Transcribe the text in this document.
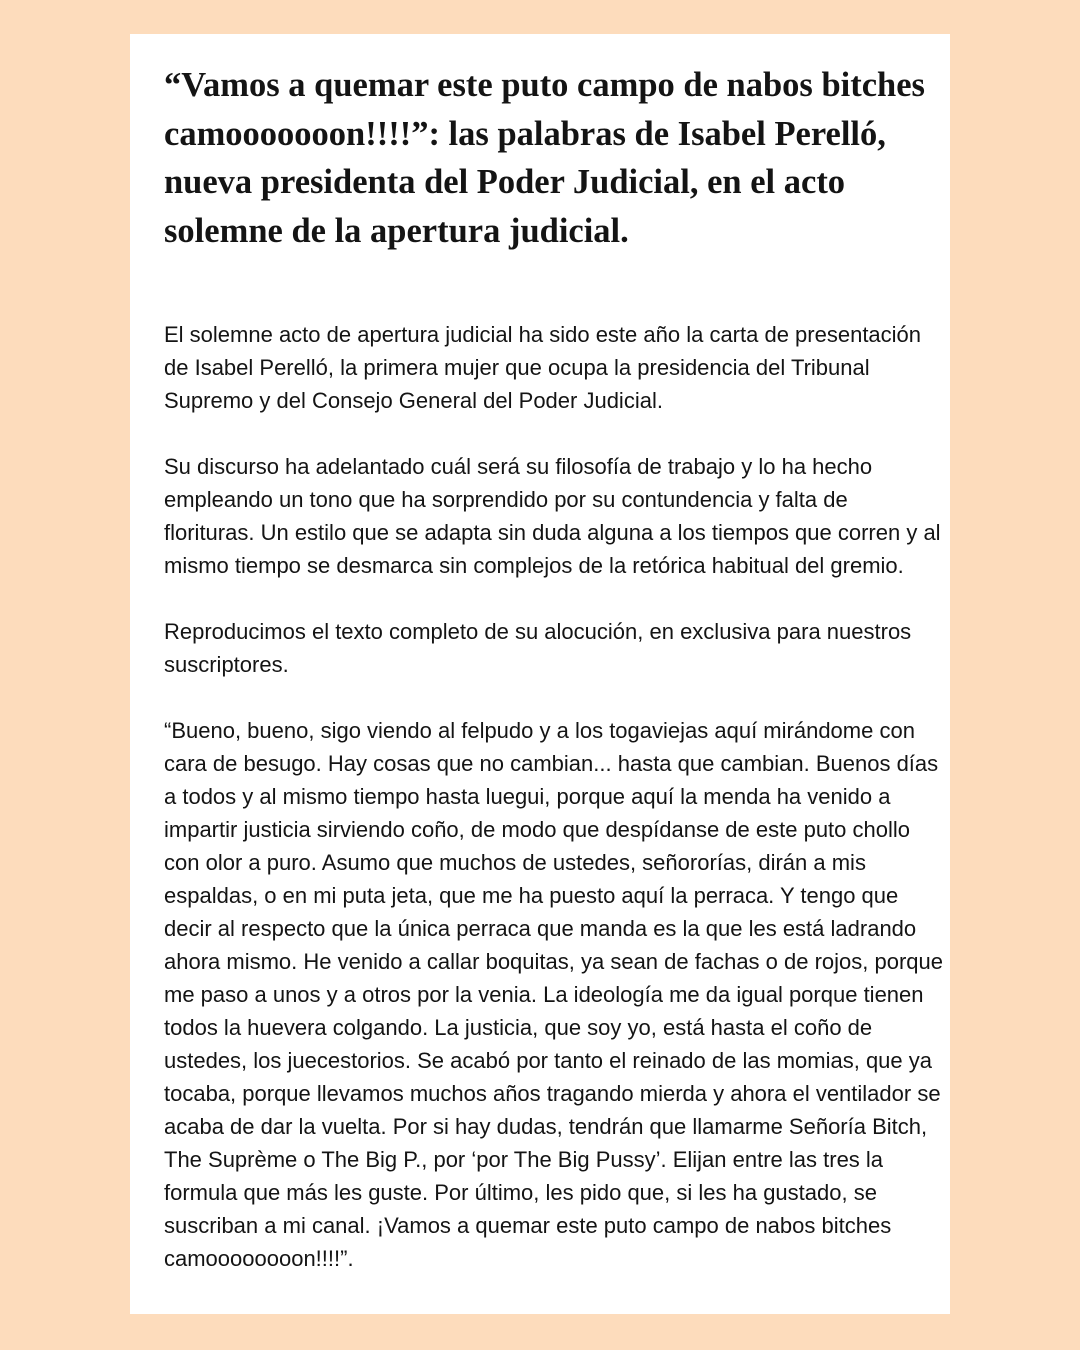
“Vamos a quemar este puto campo de nabos bitches
camooooooon!!!!”: las palabras de Isabel Perelló,
nueva presidenta del Poder Judicial, en el acto
solemne de la apertura judicial.

El solemne acto de apertura judicial ha sido este año la carta de presentación
de Isabel Perelló, la primera mujer que ocupa la presidencia del Tribunal
Supremo y del Consejo General del Poder Judicial.

Su discurso ha adelantado cuál será su filosofía de trabajo y lo ha hecho
empleando un tono que ha sorprendido por su contundencia y falta de
florituras. Un estilo que se adapta sin duda alguna a los tiempos que corren y al
mismo tiempo se desmarca sin complejos de la retórica habitual del gremio.

Reproducimos el texto completo de su alocución, en exclusiva para nuestros
suscriptores.

“Bueno, bueno, sigo viendo al felpudo y a los togaviejas aquí mirándome con
cara de besugo. Hay cosas que no cambian... hasta que cambian. Buenos días
a todos y al mismo tiempo hasta luegui, porque aquí la menda ha venido a
impartir justicia sirviendo coño, de modo que despídanse de este puto chollo
con olor a puro. Asumo que muchos de ustedes, señororías, dirán a mis
espaldas, o en mi puta jeta, que me ha puesto aquí la perraca. Y tengo que
decir al respecto que la única perraca que manda es la que les está ladrando
ahora mismo. He venido a callar boquitas, ya sean de fachas o de rojos, porque
me paso a unos y a otros por la venia. La ideología me da igual porque tienen
todos la huevera colgando. La justicia, que soy yo, está hasta el coño de
ustedes, los juecestorios. Se acabó por tanto el reinado de las momias, que ya
tocaba, porque llevamos muchos años tragando mierda y ahora el ventilador se
acaba de dar la vuelta. Por si hay dudas, tendrán que llamarme Señoría Bitch,
The Suprème o The Big P., por ‘por The Big Pussy’. Elijan entre las tres la
formula que más les guste. Por último, les pido que, si les ha gustado, se
suscriban a mi canal. ¡Vamos a quemar este puto campo de nabos bitches
camoooooooon!!!!”.
